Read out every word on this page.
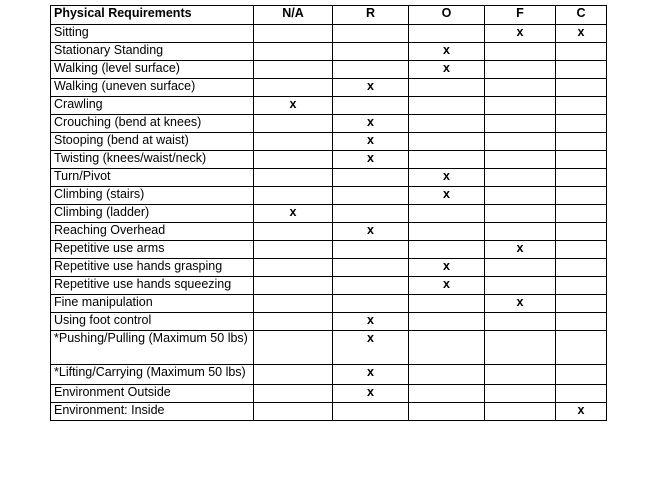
Physical Requirements	N/A	R	O	F	C
Sitting				x	x
Stationary Standing			x		
Walking (level surface)			x		
Walking (uneven surface)		x			
Crawling	x				
Crouching (bend at knees)		x			
Stooping (bend at waist)		x			
Twisting (knees/waist/neck)		x			
Turn/Pivot			x		
Climbing (stairs)			x		
Climbing (ladder)	x				
Reaching Overhead		x			
Repetitive use arms				x	
Repetitive use hands grasping			x		
Repetitive use hands squeezing			x		
Fine manipulation				x	
Using foot control		x			
*Pushing/Pulling (Maximum 50 lbs)		x			
*Lifting/Carrying (Maximum 50 lbs)		x			
Environment Outside		x			
Environment: Inside					x
